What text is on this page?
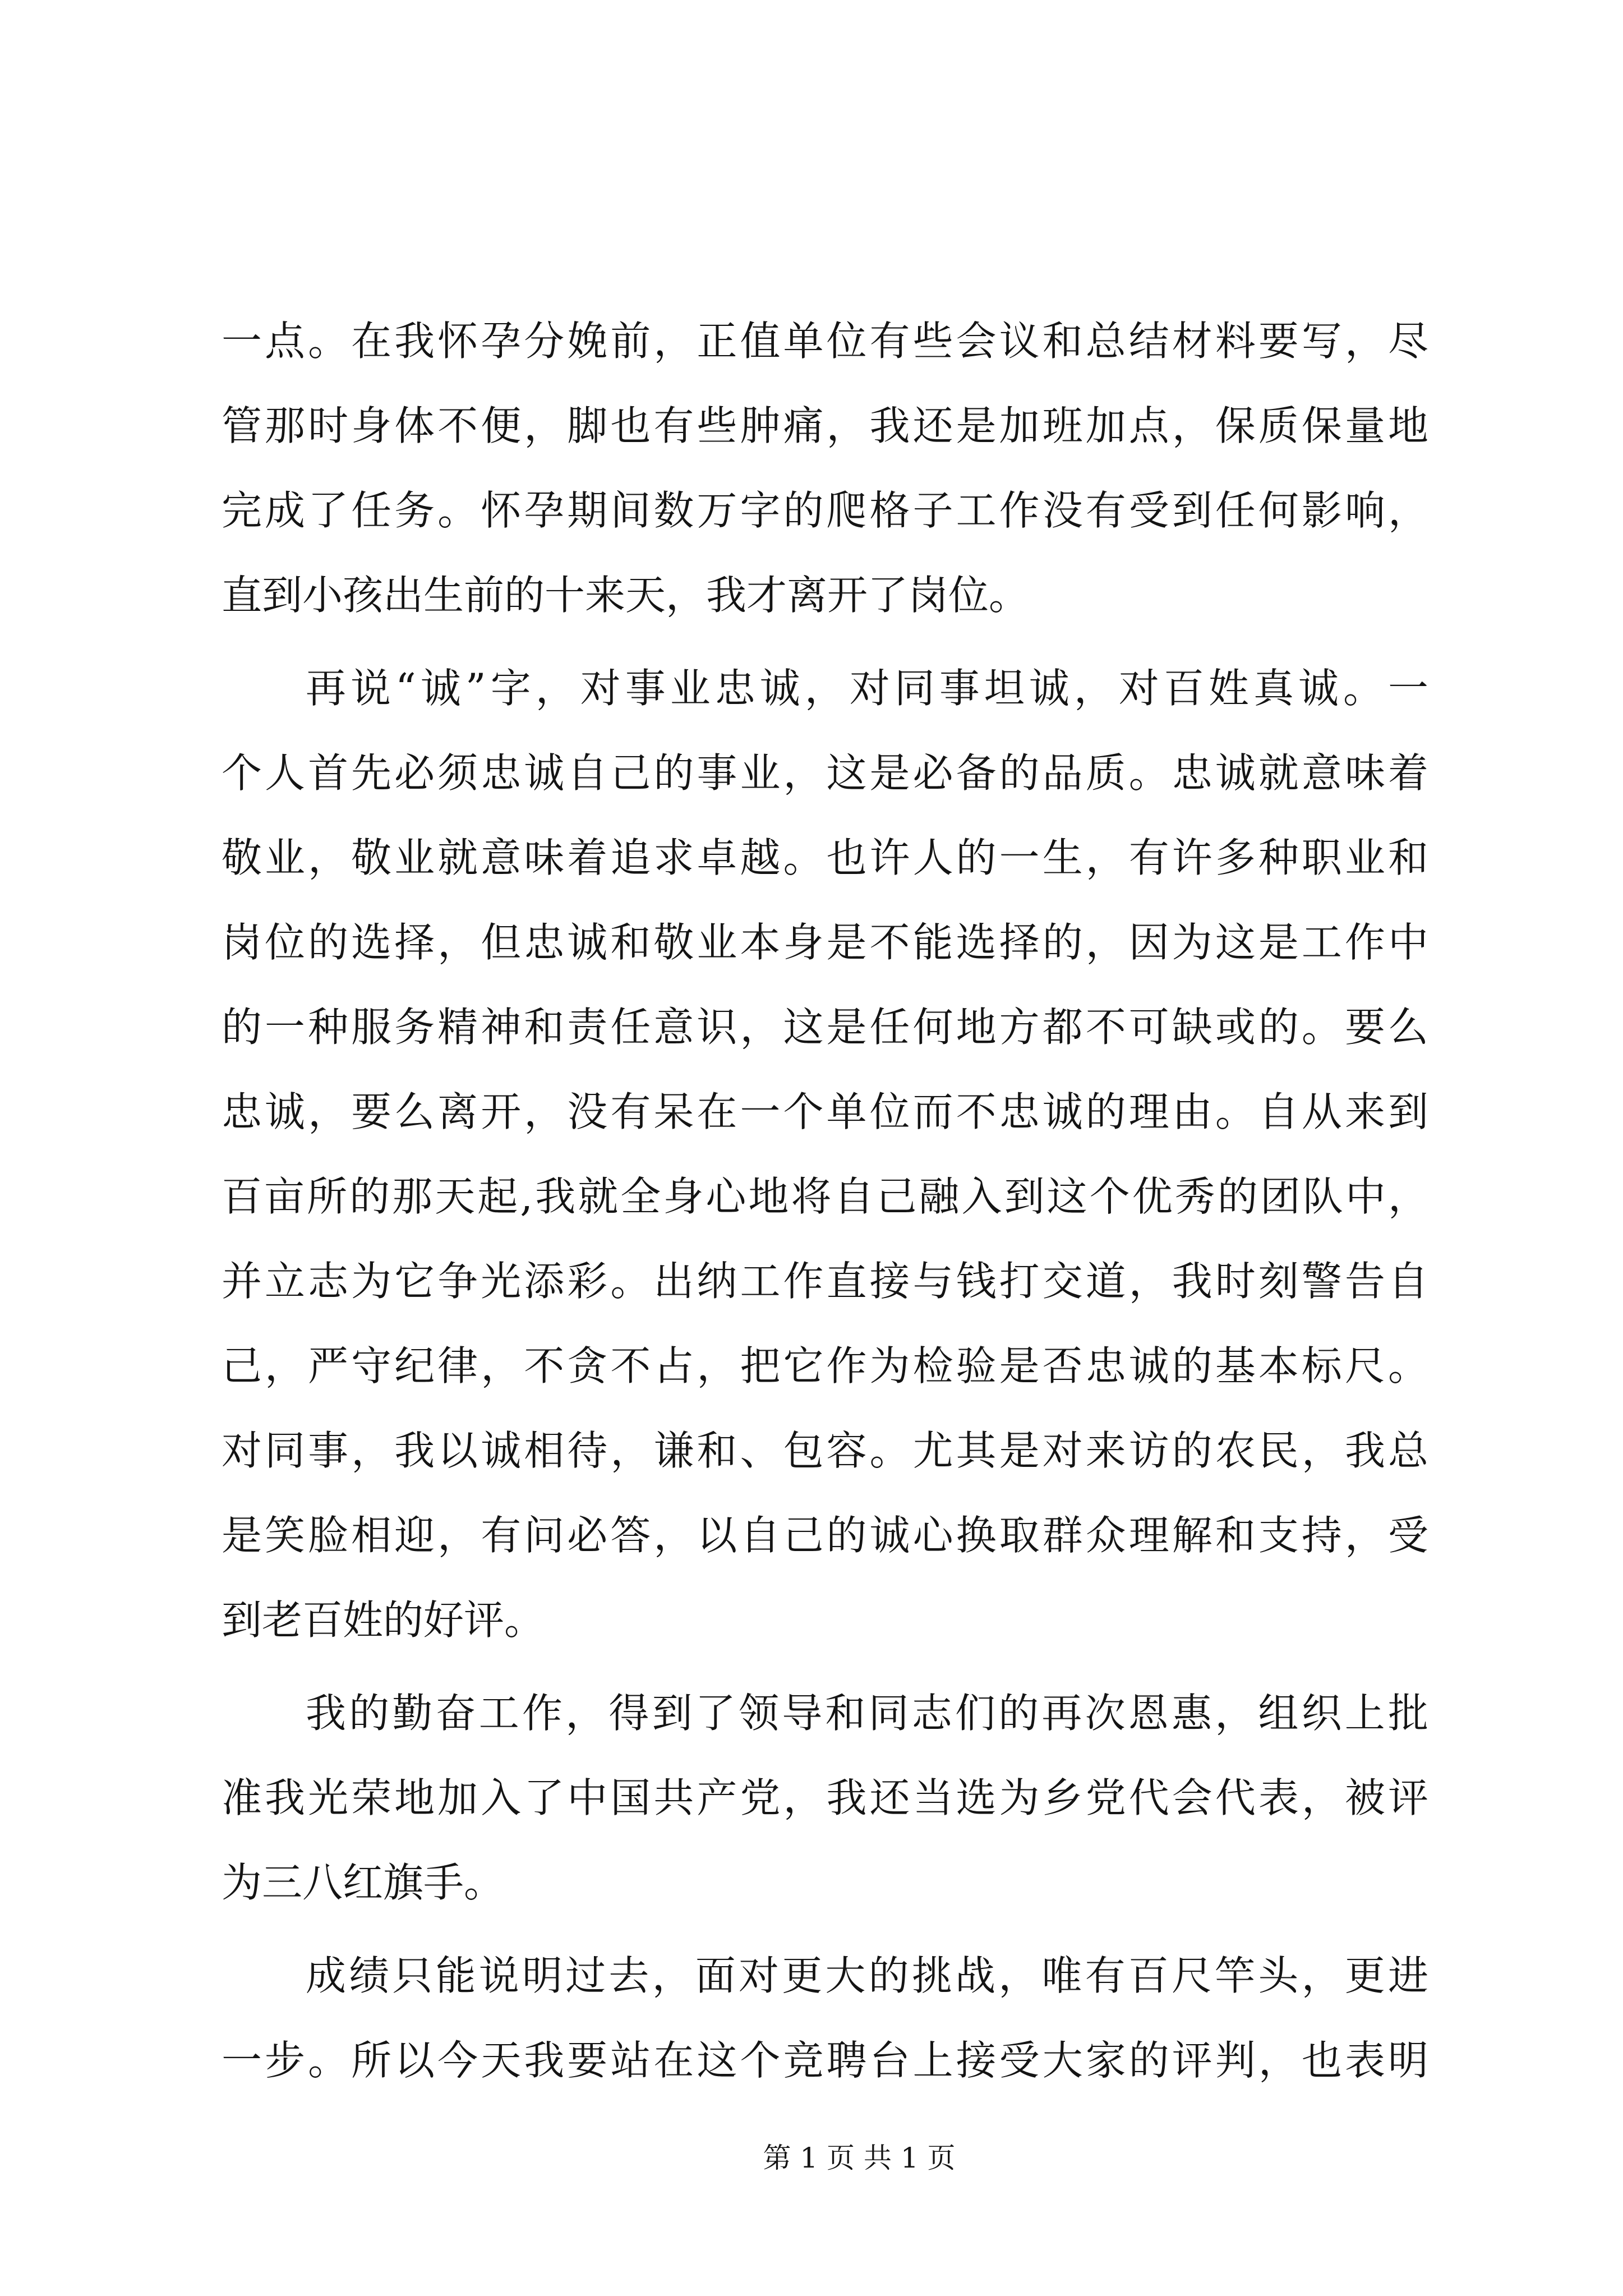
一点。在我怀孕分娩前，正值单位有些会议和总结材料要写，尽
管那时身体不便，脚也有些肿痛，我还是加班加点，保质保量地
完成了任务。怀孕期间数万字的爬格子工作没有受到任何影响，
直到小孩出生前的十来天，我才离开了岗位。
再说“诚”字，对事业忠诚，对同事坦诚，对百姓真诚。一
个人首先必须忠诚自己的事业，这是必备的品质。忠诚就意味着
敬业，敬业就意味着追求卓越。也许人的一生，有许多种职业和
岗位的选择，但忠诚和敬业本身是不能选择的，因为这是工作中
的一种服务精神和责任意识，这是任何地方都不可缺或的。要么
忠诚，要么离开，没有呆在一个单位而不忠诚的理由。自从来到
百亩所的那天起,我就全身心地将自己融入到这个优秀的团队中，
并立志为它争光添彩。出纳工作直接与钱打交道，我时刻警告自
己，严守纪律，不贪不占，把它作为检验是否忠诚的基本标尺。
对同事，我以诚相待，谦和、包容。尤其是对来访的农民，我总
是笑脸相迎，有问必答，以自己的诚心换取群众理解和支持，受
到老百姓的好评。
我的勤奋工作，得到了领导和同志们的再次恩惠，组织上批
准我光荣地加入了中国共产党，我还当选为乡党代会代表，被评
为三八红旗手。
成绩只能说明过去，面对更大的挑战，唯有百尺竿头，更进
一步。所以今天我要站在这个竞聘台上接受大家的评判，也表明
第 1 页 共 1 页
